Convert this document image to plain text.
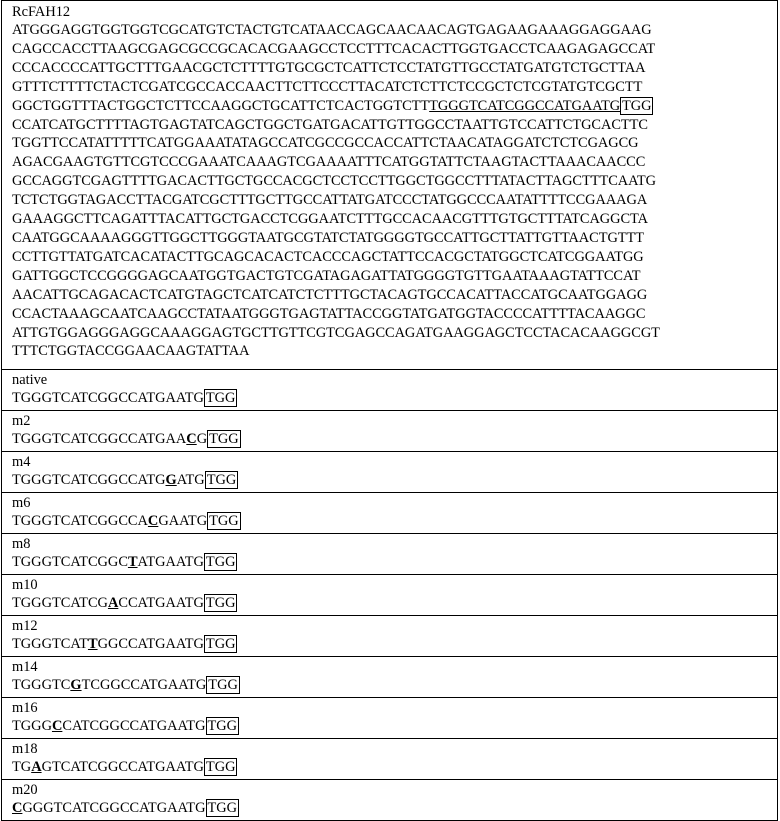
RcFAH12
ATGGGAGGTGGTGGTCGCATGTCTACTGTCATAACCAGCAACAACAGTGAGAAGAAAGGAGGAAG
CAGCCACCTTAAGCGAGCGCCGCACACGAAGCCTCCTTTCACACTTGGTGACCTCAAGAGAGCCAT
CCCACCCCATTGCTTTGAACGCTCTTTTGTGCGCTCATTCTCCTATGTTGCCTATGATGTCTGCTTAA
GTTTCTTTTCTACTCGATCGCCACCAACTTCTTCCCTTACATCTCTTCTCCGCTCTCGTATGTCGCTT
GGCTGGTTTACTGGCTCTTCCAAGGCTGCATTCTCACTGGTCTTTGGGTCATCGGCCATGAATG TGG
CCATCATGCTTTTAGTGAGTATCAGCTGGCTGATGACATTGTTGGCCTAATTGTCCATTCTGCACTTC
TGGTTCCATATTTTTCATGGAAATATAGCCATCGCCGCCACCATTCTAACATAGGATCTCTCGAGCG
AGACGAAGTGTTCGTCCCGAAATCAAAGTCGAAAATTTCATGGTATTCTAAGTACTTAAACAACCC
GCCAGGTCGAGTTTTGACACTTGCTGCCACGCTCCTCCTTGGCTGGCCTTTATACTTAGCTTTCAATG
TCTCTGGTAGACCTTACGATCGCTTTGCTTGCCATTATGATCCCTATGGCCCAATATTTTCCGAAAGA
GAAAGGCTTCAGATTTACATTGCTGACCTCGGAATCTTTGCCACAACGTTTGTGCTTTATCAGGCTA
CAATGGCAAAAGGGTTGGCTTGGGTAATGCGTATCTATGGGGTGCCATTGCTTATTGTTAACTGTTT
CCTTGTTATGATCACATACTTGCAGCACACTCACCCAGCTATTCCACGCTATGGCTCATCGGAATGG
GATTGGCTCCGGGGAGCAATGGTGACTGTCGATAGAGATTATGGGGTGTTGAATAAAGTATTCCAT
AACATTGCAGACACTCATGTAGCTCATCATCTCTTTGCTACAGTGCCACATTACCATGCAATGGAGG
CCACTAAAGCAATCAAGCCTATAATGGGTGAGTATTACCGGTATGATGGTACCCCATTTTACAAGGC
ATTGTGGAGGGAGGCAAAGGAGTGCTTGTTCGTCGAGCCAGATGAAGGAGCTCCTACACAAGGCGT
TTTCTGGTACCGGAACAAGTATTAA
native
TGGGTCATCGGCCATGAATG TGG
m2
TGGGTCATCGGCCATGAACG TGG
m4
TGGGTCATCGGCCATGGATG TGG
m6
TGGGTCATCGGCCACGAATG TGG
m8
TGGGTCATCGGCTATGAATG TGG
m10
TGGGTCATCGACCATGAATG TGG
m12
TGGGTCATTGGCCATGAATG TGG
m14
TGGGTCGTCGGCCATGAATG TGG
m16
TGGGCCATCGGCCATGAATG TGG
m18
TGAGTCATCGGCCATGAATG TGG
m20
CGGGTCATCGGCCATGAATG TGG
